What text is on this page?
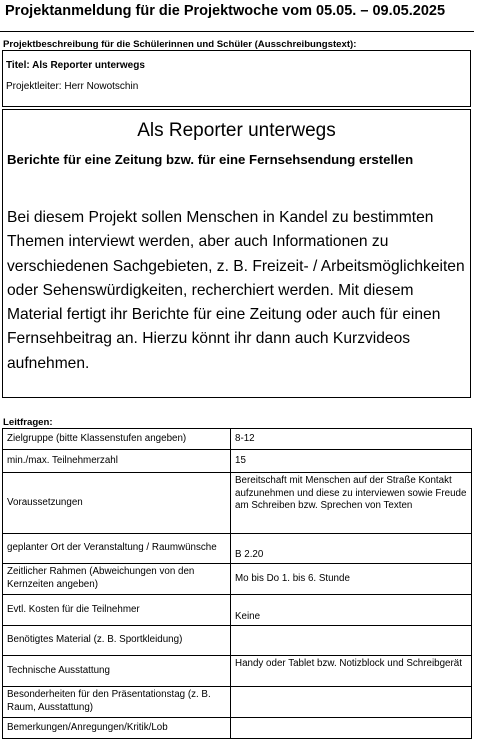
Projektanmeldung für die Projektwoche vom 05.05. – 09.05.2025
Projektbeschreibung für die Schülerinnen und Schüler (Ausschreibungstext):
Titel: Als Reporter unterwegs
Projektleiter: Herr Nowotschin
Als Reporter unterwegs
Berichte für eine Zeitung bzw. für eine Fernsehsendung erstellen
Bei diesem Projekt sollen Menschen in Kandel zu bestimmten Themen interviewt werden, aber auch Informationen zu verschiedenen Sachgebieten, z. B. Freizeit- / Arbeitsmöglichkeiten oder Sehenswürdigkeiten, recherchiert werden. Mit diesem Material fertigt ihr Berichte für eine Zeitung oder auch für einen Fernsehbeitrag an. Hierzu könnt ihr dann auch Kurzvideos aufnehmen.
Leitfragen:
Zielgruppe (bitte Klassenstufen angeben)	8-12
min./max. Teilnehmerzahl	15
Voraussetzungen	Bereitschaft mit Menschen auf der Straße Kontakt aufzunehmen und diese zu interviewen sowie Freude am Schreiben bzw. Sprechen von Texten
geplanter Ort der Veranstaltung / Raumwünsche	B 2.20
Zeitlicher Rahmen (Abweichungen von den Kernzeiten angeben)	Mo bis Do 1. bis 6. Stunde
Evtl. Kosten für die Teilnehmer	Keine
Benötigtes Material (z. B. Sportkleidung)	
Technische Ausstattung	Handy oder Tablet bzw. Notizblock und Schreibgerät
Besonderheiten für den Präsentationstag (z. B. Raum, Ausstattung)	
Bemerkungen/Anregungen/Kritik/Lob	
